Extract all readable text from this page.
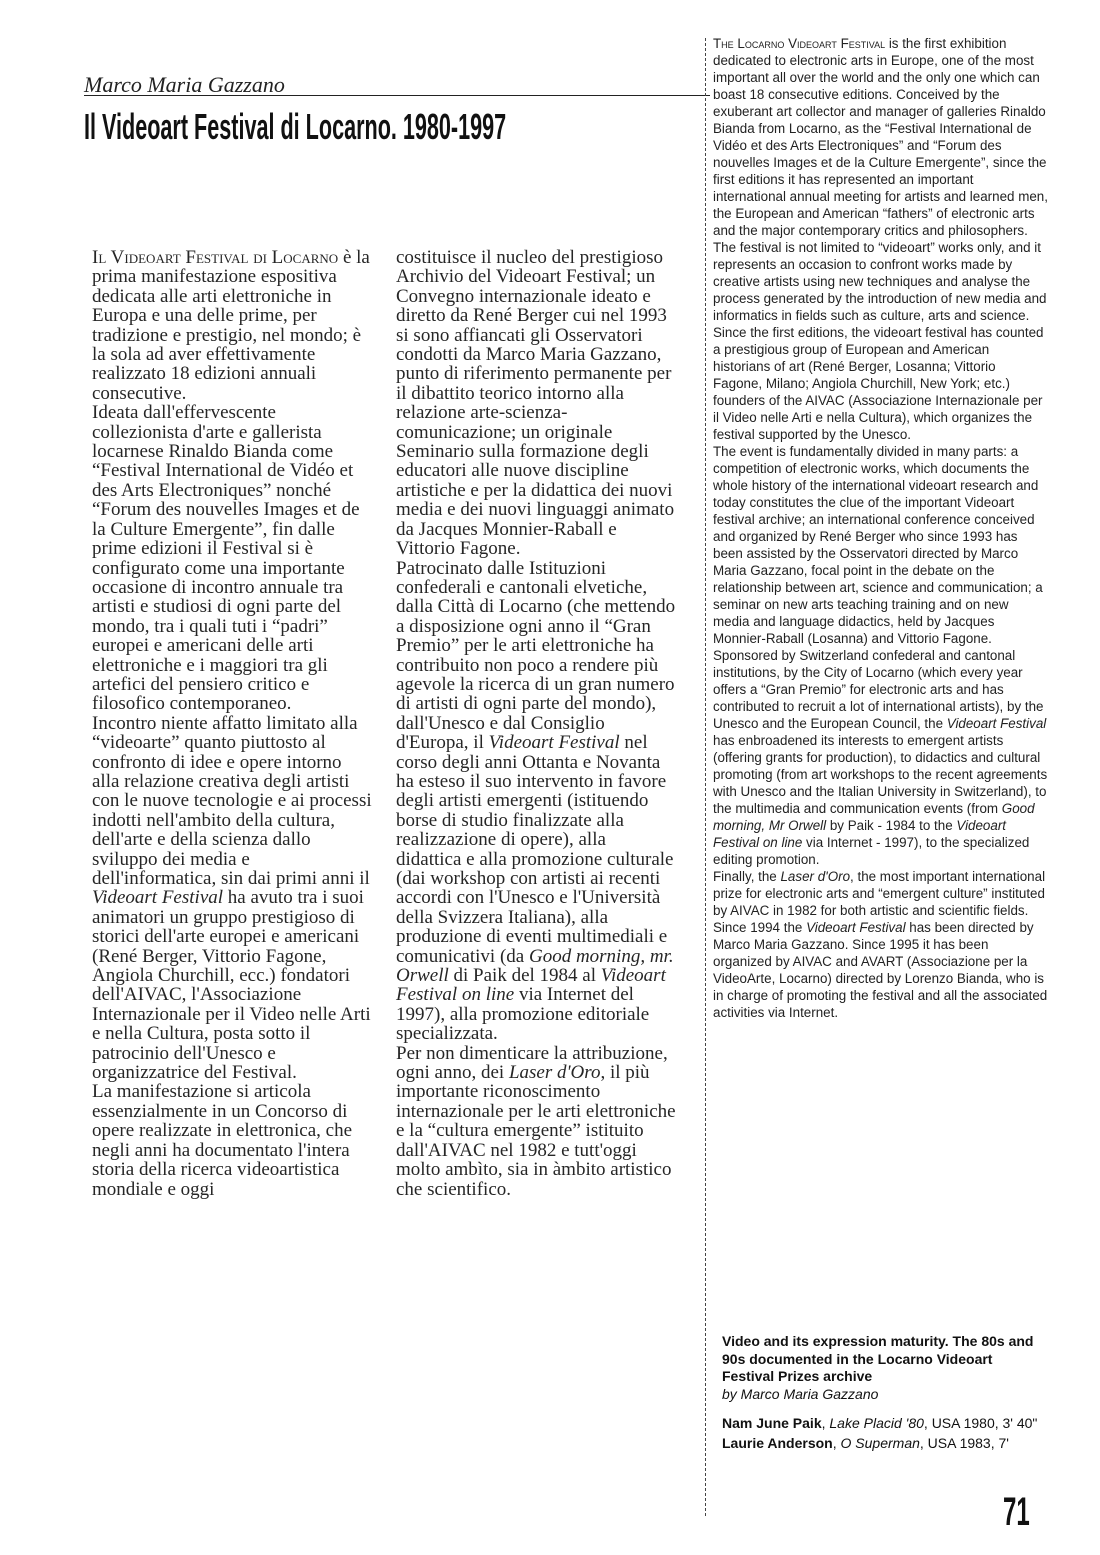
Marco Maria Gazzano

Il Videoart Festival di Locarno. 1980-1997

Il Videoart Festival di Locarno è la prima manifestazione espositiva dedicata alle arti elettroniche in Europa e una delle prime, per tradizione e prestigio, nel mondo; è la sola ad aver effettivamente realizzato 18 edizioni annuali consecutive.

Ideata dall'effervescente collezionista d'arte e gallerista locarnese Rinaldo Bianda come “Festival International de Vidéo et des Arts Electroniques” nonché “Forum des nouvelles Images et de la Culture Emergente”, fin dalle prime edizioni il Festival si è configurato come una importante occasione di incontro annuale tra artisti e studiosi di ogni parte del mondo, tra i quali tuti i “padri” europei e americani delle arti elettroniche e i maggiori tra gli artefici del pensiero critico e filosofico contemporaneo.

Incontro niente affatto limitato alla “videoarte” quanto piuttosto al confronto di idee e opere intorno alla relazione creativa degli artisti con le nuove tecnologie e ai processi indotti nell'ambito della cultura, dell'arte e della scienza dallo sviluppo dei media e dell'informatica, sin dai primi anni il Videoart Festival ha avuto tra i suoi animatori un gruppo prestigioso di storici dell'arte europei e americani (René Berger, Vittorio Fagone, Angiola Churchill, ecc.) fondatori dell'AIVAC, l'Associazione Internazionale per il Video nelle Arti e nella Cultura, posta sotto il patrocinio dell'Unesco e organizzatrice del Festival.

La manifestazione si articola essenzialmente in un Concorso di opere realizzate in elettronica, che negli anni ha documentato l'intera storia della ricerca videoartistica mondiale e oggi

costituisce il nucleo del prestigioso Archivio del Videoart Festival; un Convegno internazionale ideato e diretto da René Berger cui nel 1993 si sono affiancati gli Osservatori condotti da Marco Maria Gazzano, punto di riferimento permanente per il dibattito teorico intorno alla relazione arte-scienza-comunicazione; un originale Seminario sulla formazione degli educatori alle nuove discipline artistiche e per la didattica dei nuovi media e dei nuovi linguaggi animato da Jacques Monnier-Raball e Vittorio Fagone.

Patrocinato dalle Istituzioni confederali e cantonali elvetiche, dalla Città di Locarno (che mettendo a disposizione ogni anno il “Gran Premio” per le arti elettroniche ha contribuito non poco a rendere più agevole la ricerca di un gran numero di artisti di ogni parte del mondo), dall'Unesco e dal Consiglio d'Europa, il Videoart Festival nel corso degli anni Ottanta e Novanta ha esteso il suo intervento in favore degli artisti emergenti (istituendo borse di studio finalizzate alla realizzazione di opere), alla didattica e alla promozione culturale (dai workshop con artisti ai recenti accordi con l'Unesco e l'Università della Svizzera Italiana), alla produzione di eventi multimediali e comunicativi (da Good morning, mr. Orwell di Paik del 1984 al Videoart Festival on line via Internet del 1997), alla promozione editoriale specializzata.

Per non dimenticare la attribuzione, ogni anno, dei Laser d'Oro, il più importante riconoscimento internazionale per le arti elettroniche e la “cultura emergente” istituito dall'AIVAC nel 1982 e tutt'oggi molto ambìto, sia in àmbito artistico che scientifico.

The Locarno Videoart Festival is the first exhibition dedicated to electronic arts in Europe, one of the most important all over the world and the only one which can boast 18 consecutive editions. Conceived by the exuberant art collector and manager of galleries Rinaldo Bianda from Locarno, as the “Festival International de Vidéo et des Arts Electroniques” and “Forum des nouvelles Images et de la Culture Emergente”, since the first editions it has represented an important international annual meeting for artists and learned men, the European and American “fathers” of electronic arts and the major contemporary critics and philosophers.

The festival is not limited to “videoart” works only, and it represents an occasion to confront works made by creative artists using new techniques and analyse the process generated by the introduction of new media and informatics in fields such as culture, arts and science. Since the first editions, the videoart festival has counted a prestigious group of European and American historians of art (René Berger, Losanna; Vittorio Fagone, Milano; Angiola Churchill, New York; etc.) founders of the AIVAC (Associazione Internazionale per il Video nelle Arti e nella Cultura), which organizes the festival supported by the Unesco.

The event is fundamentally divided in many parts: a competition of electronic works, which documents the whole history of the international videoart research and today constitutes the clue of the important Videoart festival archive; an international conference conceived and organized by René Berger who since 1993 has been assisted by the Osservatori directed by Marco Maria Gazzano, focal point in the debate on the relationship between art, science and communication; a seminar on new arts teaching training and on new media and language didactics, held by Jacques Monnier-Raball (Losanna) and Vittorio Fagone.

Sponsored by Switzerland confederal and cantonal institutions, by the City of Locarno (which every year offers a “Gran Premio” for electronic arts and has contributed to recruit a lot of international artists), by the Unesco and the European Council, the Videoart Festival has enbroadened its interests to emergent artists (offering grants for production), to didactics and cultural promoting (from art workshops to the recent agreements with Unesco and the Italian University in Switzerland), to the multimedia and communication events (from Good morning, Mr Orwell by Paik - 1984 to the Videoart Festival on line via Internet - 1997), to the specialized editing promotion.

Finally, the Laser d'Oro, the most important international prize for electronic arts and “emergent culture” instituted by AIVAC in 1982 for both artistic and scientific fields.

Since 1994 the Videoart Festival has been directed by Marco Maria Gazzano. Since 1995 it has been organized by AIVAC and AVART (Associazione per la VideoArte, Locarno) directed by Lorenzo Bianda, who is in charge of promoting the festival and all the associated activities via Internet.

Video and its expression maturity. The 80s and 90s documented in the Locarno Videoart Festival Prizes archive

by Marco Maria Gazzano

Nam June Paik, Lake Placid '80, USA 1980, 3' 40"

Laurie Anderson, O Superman, USA 1983, 7'

71
